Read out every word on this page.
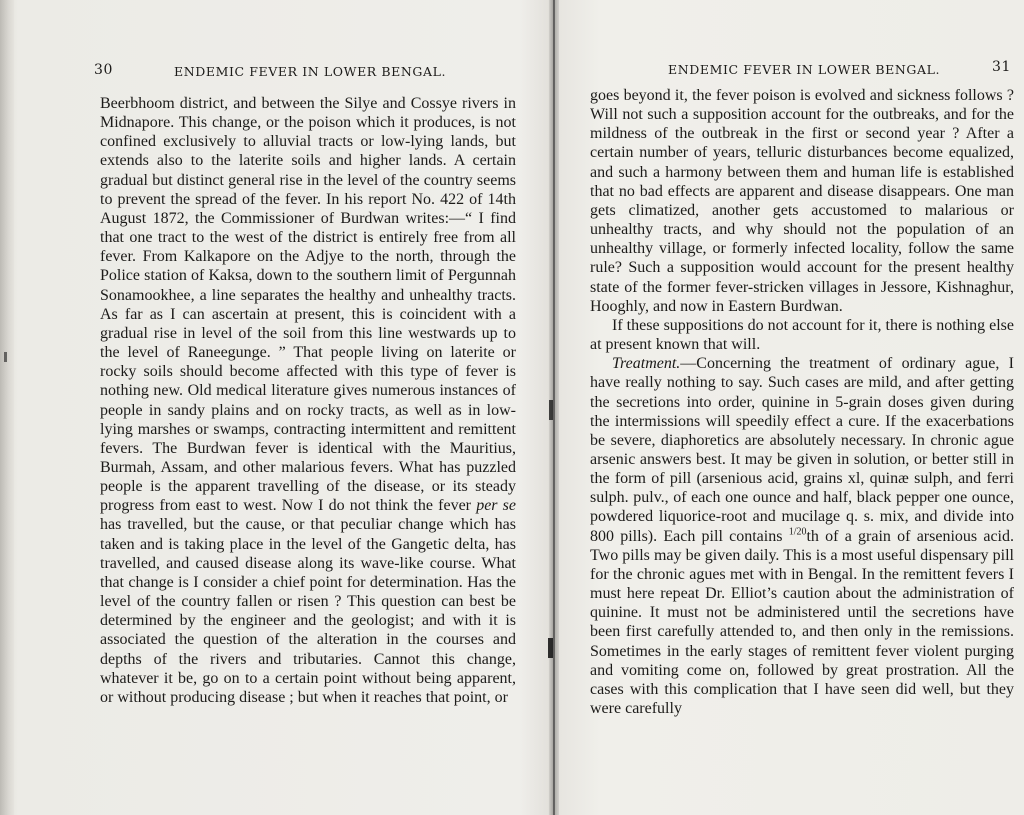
30	ENDEMIC FEVER IN LOWER BENGAL.

Beerbhoom district, and between the Silye and Cossye rivers in Midnapore. This change, or the poison which it produces, is not confined exclusively to alluvial tracts or low-lying lands, but extends also to the laterite soils and higher lands. A certain gradual but distinct general rise in the level of the country seems to prevent the spread of the fever. In his report No. 422 of 14th August 1872, the Commissioner of Burdwan writes:—“ I find that one tract to the west of the district is entirely free from all fever. From Kalkapore on the Adjye to the north, through the Police station of Kaksa, down to the southern limit of Pergunnah Sonamookhee, a line separates the healthy and unhealthy tracts. As far as I can ascertain at present, this is coincident with a gradual rise in level of the soil from this line westwards up to the level of Raneegunge. ” That people living on laterite or rocky soils should become affected with this type of fever is nothing new. Old medical literature gives numerous instances of people in sandy plains and on rocky tracts, as well as in low-lying marshes or swamps, contracting intermittent and remittent fevers. The Burdwan fever is identical with the Mauritius, Burmah, Assam, and other malarious fevers. What has puzzled people is the apparent travelling of the disease, or its steady progress from east to west. Now I do not think the fever per se has travelled, but the cause, or that peculiar change which has taken and is taking place in the level of the Gangetic delta, has travelled, and caused disease along its wave-like course. What that change is I consider a chief point for determination. Has the level of the country fallen or risen ? This question can best be determined by the engineer and the geologist; and with it is associated the question of the alteration in the courses and depths of the rivers and tributaries. Cannot this change, whatever it be, go on to a certain point without being apparent, or without producing disease ; but when it reaches that point, or

ENDEMIC FEVER IN LOWER BENGAL.	31

goes beyond it, the fever poison is evolved and sickness follows ? Will not such a supposition account for the outbreaks, and for the mildness of the outbreak in the first or second year ? After a certain number of years, telluric disturbances become equalized, and such a harmony between them and human life is established that no bad effects are apparent and disease disappears. One man gets climatized, another gets accustomed to malarious or unhealthy tracts, and why should not the population of an unhealthy village, or formerly infected locality, follow the same rule? Such a supposition would account for the present healthy state of the former fever-stricken villages in Jessore, Kishnaghur, Hooghly, and now in Eastern Burdwan.

If these suppositions do not account for it, there is nothing else at present known that will.

Treatment.—Concerning the treatment of ordinary ague, I have really nothing to say. Such cases are mild, and after getting the secretions into order, quinine in 5-grain doses given during the intermissions will speedily effect a cure. If the exacerbations be severe, diaphoretics are absolutely necessary. In chronic ague arsenic answers best. It may be given in solution, or better still in the form of pill (arsenious acid, grains xl, quinæ sulph, and ferri sulph. pulv., of each one ounce and half, black pepper one ounce, powdered liquorice-root and mucilage q. s. mix, and divide into 800 pills). Each pill contains $^{1/20}$th of a grain of arsenious acid. Two pills may be given daily. This is a most useful dispensary pill for the chronic agues met with in Bengal. In the remittent fevers I must here repeat Dr. Elliot’s caution about the administration of quinine. It must not be administered until the secretions have been first carefully attended to, and then only in the remissions. Sometimes in the early stages of remittent fever violent purging and vomiting come on, followed by great prostration. All the cases with this complication that I have seen did well, but they were carefully
